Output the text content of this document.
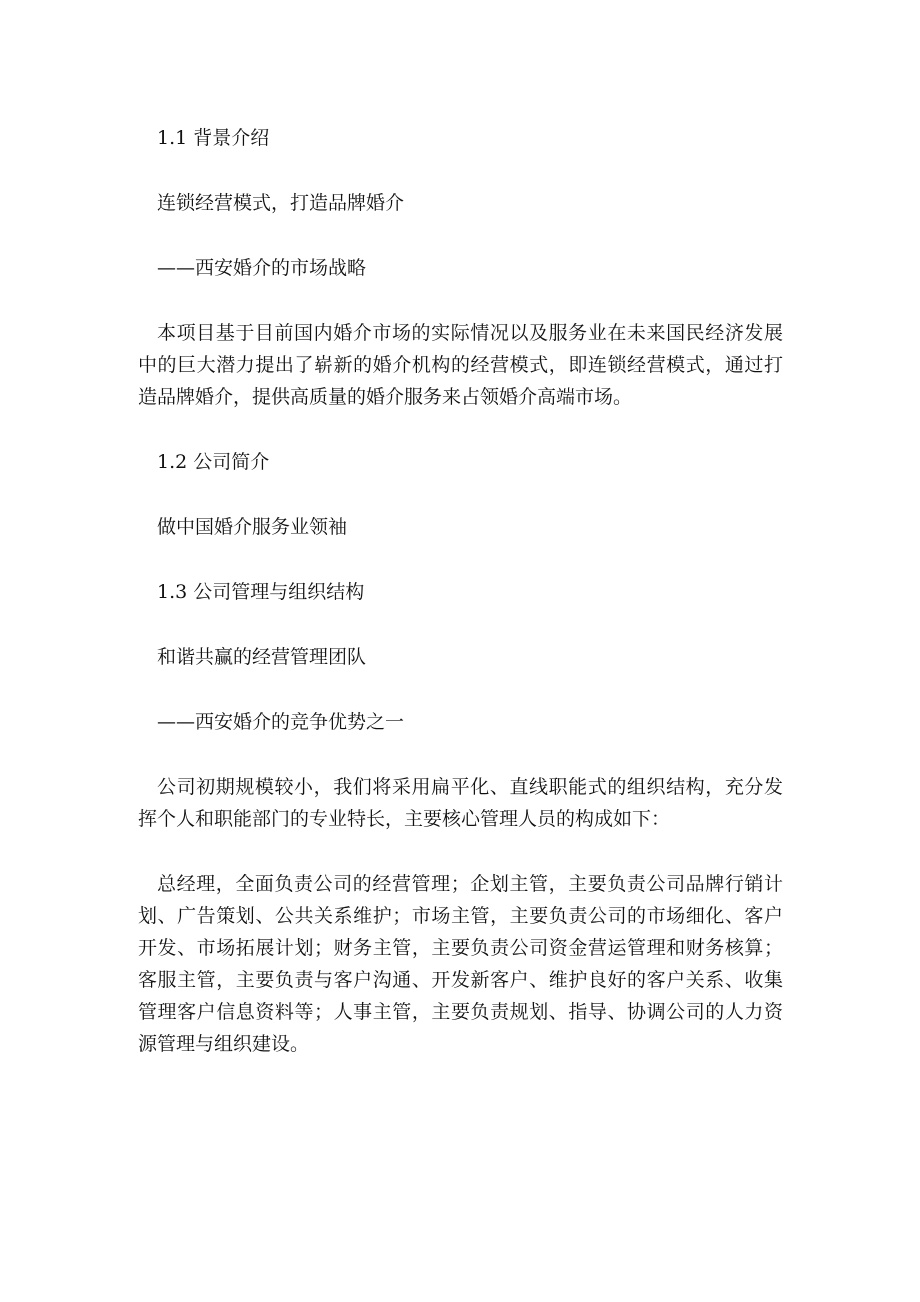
1.1 背景介绍

连锁经营模式，打造品牌婚介

——西安婚介的市场战略

本项目基于目前国内婚介市场的实际情况以及服务业在未来国民经济发展中的巨大潜力提出了崭新的婚介机构的经营模式，即连锁经营模式，通过打造品牌婚介，提供高质量的婚介服务来占领婚介高端市场。

1.2 公司简介

做中国婚介服务业领袖

1.3 公司管理与组织结构

和谐共赢的经营管理团队

——西安婚介的竞争优势之一

公司初期规模较小，我们将采用扁平化、直线职能式的组织结构，充分发挥个人和职能部门的专业特长，主要核心管理人员的构成如下：

总经理，全面负责公司的经营管理；企划主管，主要负责公司品牌行销计划、广告策划、公共关系维护；市场主管，主要负责公司的市场细化、客户开发、市场拓展计划；财务主管，主要负责公司资金营运管理和财务核算；客服主管，主要负责与客户沟通、开发新客户、维护良好的客户关系、收集管理客户信息资料等；人事主管，主要负责规划、指导、协调公司的人力资源管理与组织建设。
